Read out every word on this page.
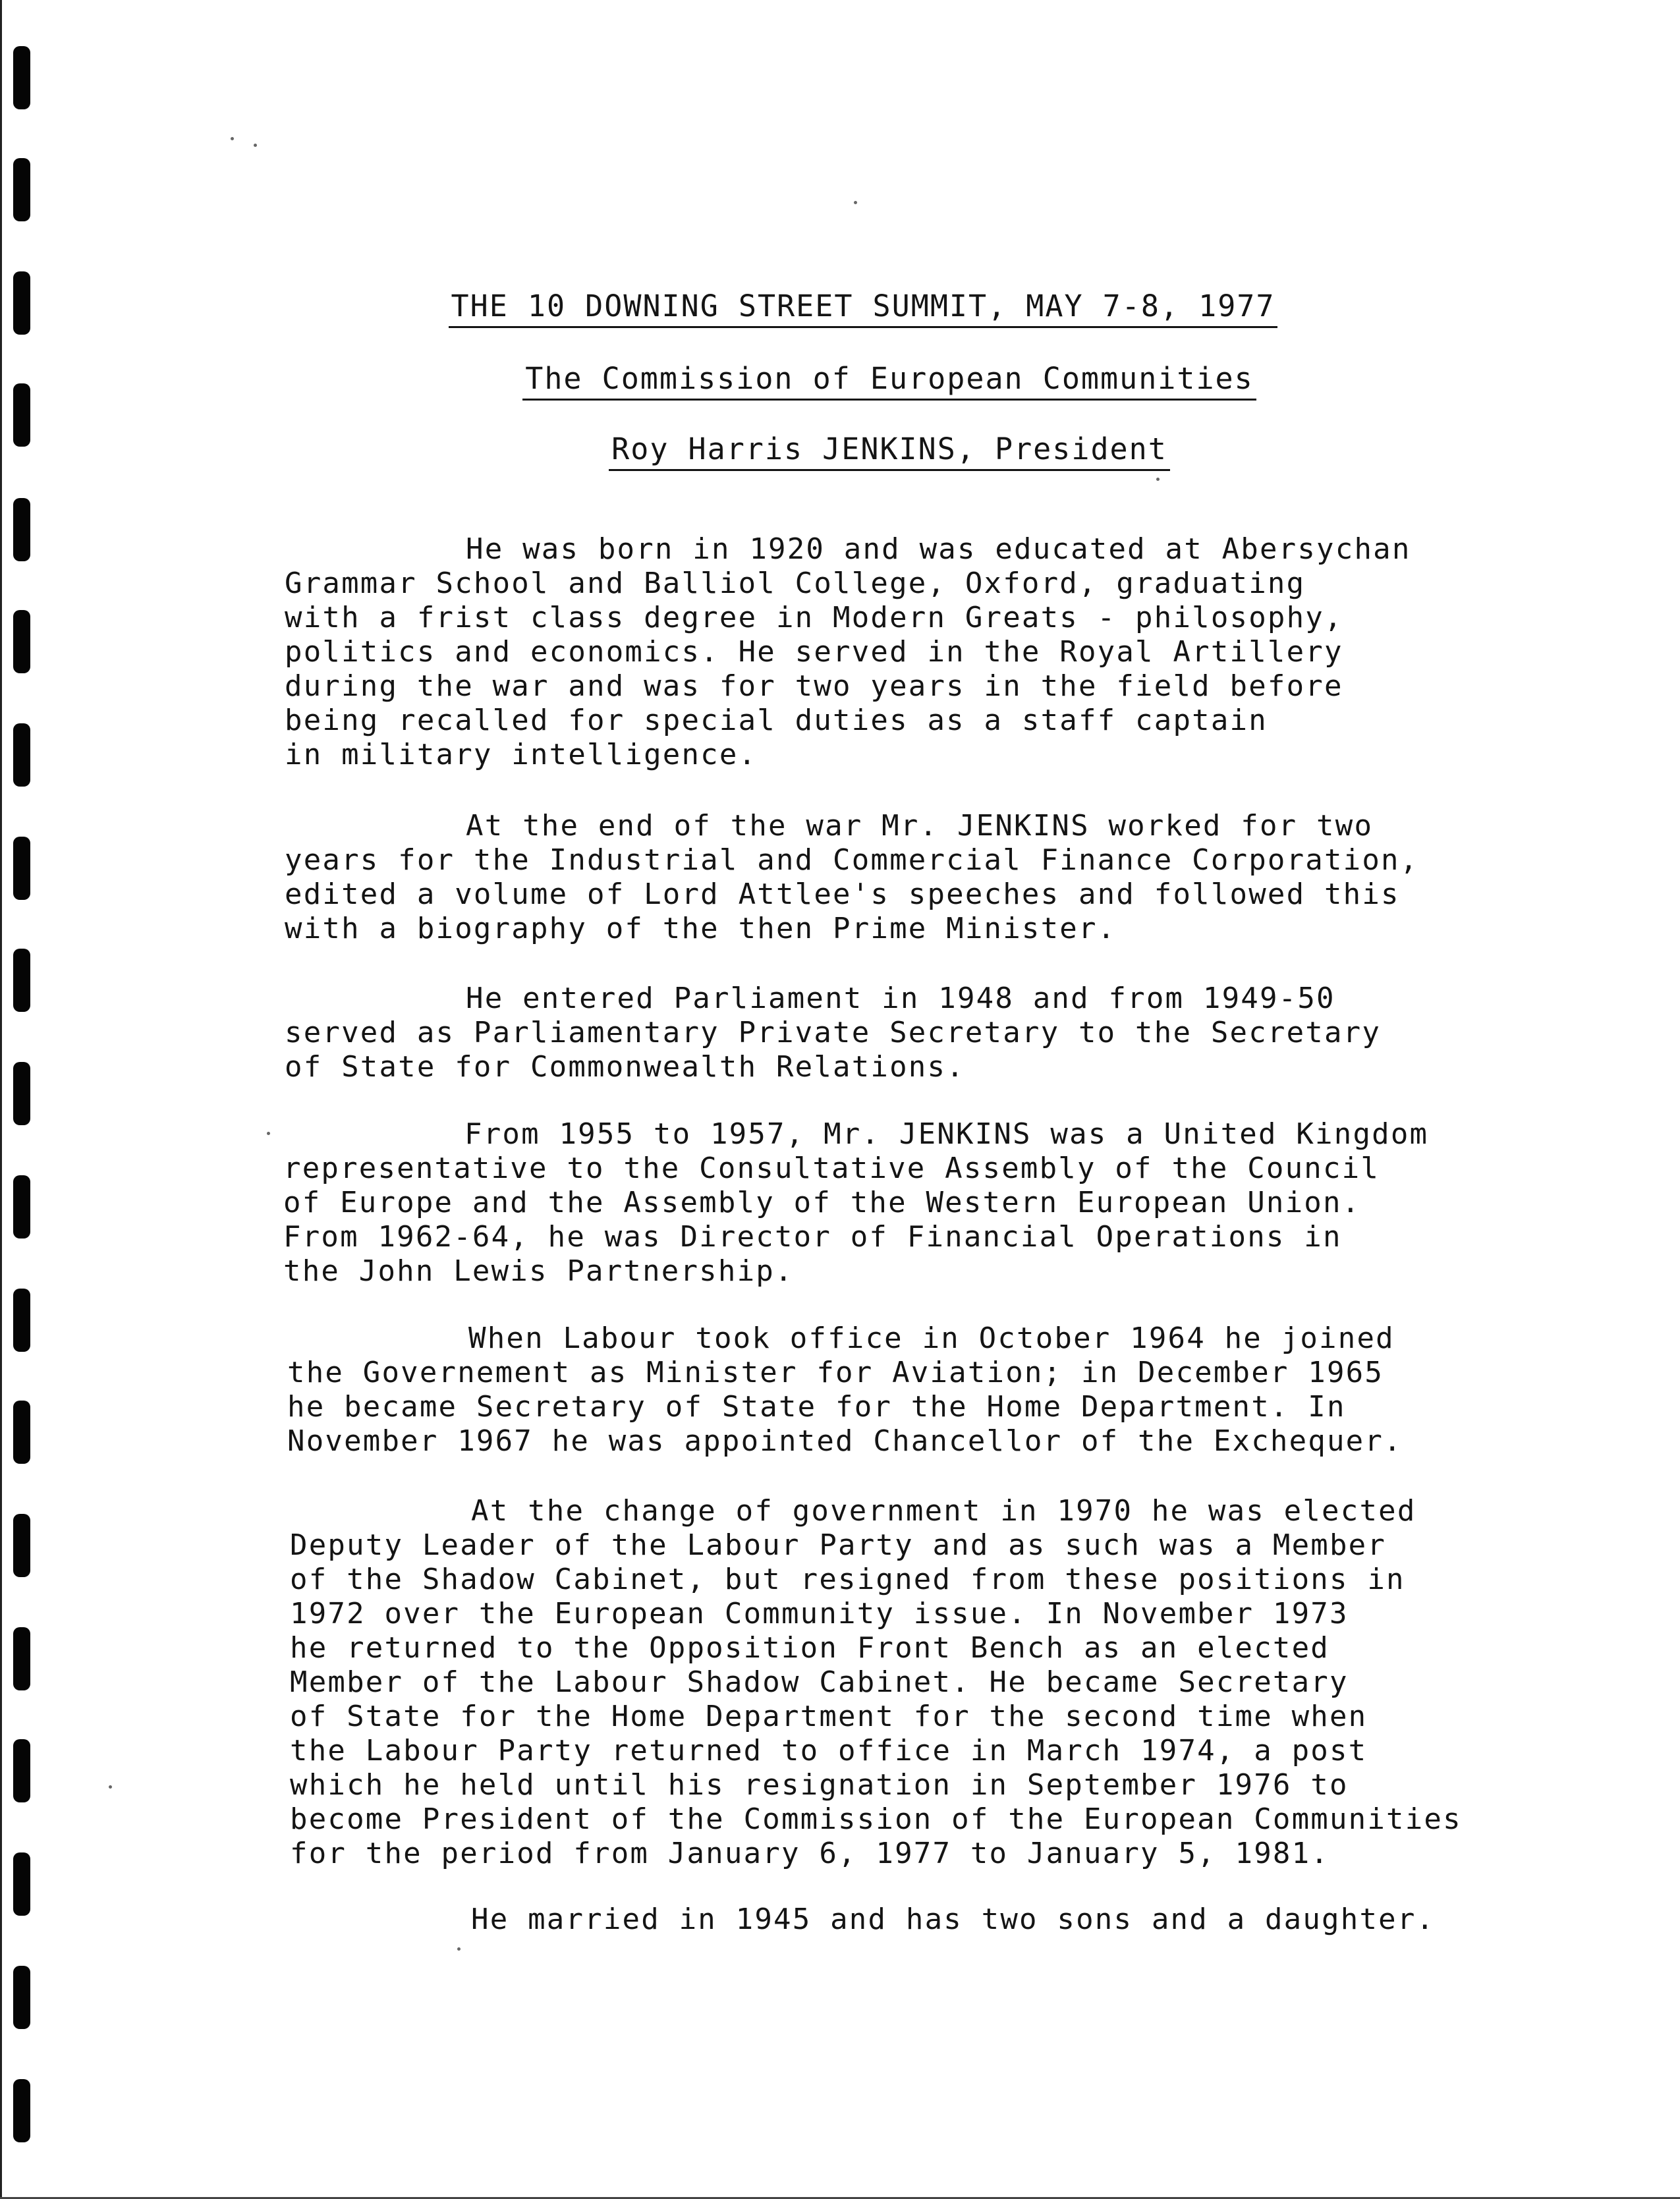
THE 10 DOWNING STREET SUMMIT, MAY 7-8, 1977
The Commission of European Communities
Roy Harris JENKINS, President

He was born in 1920 and was educated at Abersychan
Grammar School and Balliol College, Oxford, graduating
with a frist class degree in Modern Greats - philosophy,
politics and economics. He served in the Royal Artillery
during the war and was for two years in the field before
being recalled for special duties as a staff captain
in military intelligence.

At the end of the war Mr. JENKINS worked for two
years for the Industrial and Commercial Finance Corporation,
edited a volume of Lord Attlee's speeches and followed this
with a biography of the then Prime Minister.

He entered Parliament in 1948 and from 1949-50
served as Parliamentary Private Secretary to the Secretary
of State for Commonwealth Relations.

From 1955 to 1957, Mr. JENKINS was a United Kingdom
representative to the Consultative Assembly of the Council
of Europe and the Assembly of the Western European Union.
From 1962-64, he was Director of Financial Operations in
the John Lewis Partnership.

When Labour took office in October 1964 he joined
the Governement as Minister for Aviation; in December 1965
he became Secretary of State for the Home Department. In
November 1967 he was appointed Chancellor of the Exchequer.

At the change of government in 1970 he was elected
Deputy Leader of the Labour Party and as such was a Member
of the Shadow Cabinet, but resigned from these positions in
1972 over the European Community issue. In November 1973
he returned to the Opposition Front Bench as an elected
Member of the Labour Shadow Cabinet. He became Secretary
of State for the Home Department for the second time when
the Labour Party returned to office in March 1974, a post
which he held until his resignation in September 1976 to
become President of the Commission of the European Communities
for the period from January 6, 1977 to January 5, 1981.

He married in 1945 and has two sons and a daughter.
